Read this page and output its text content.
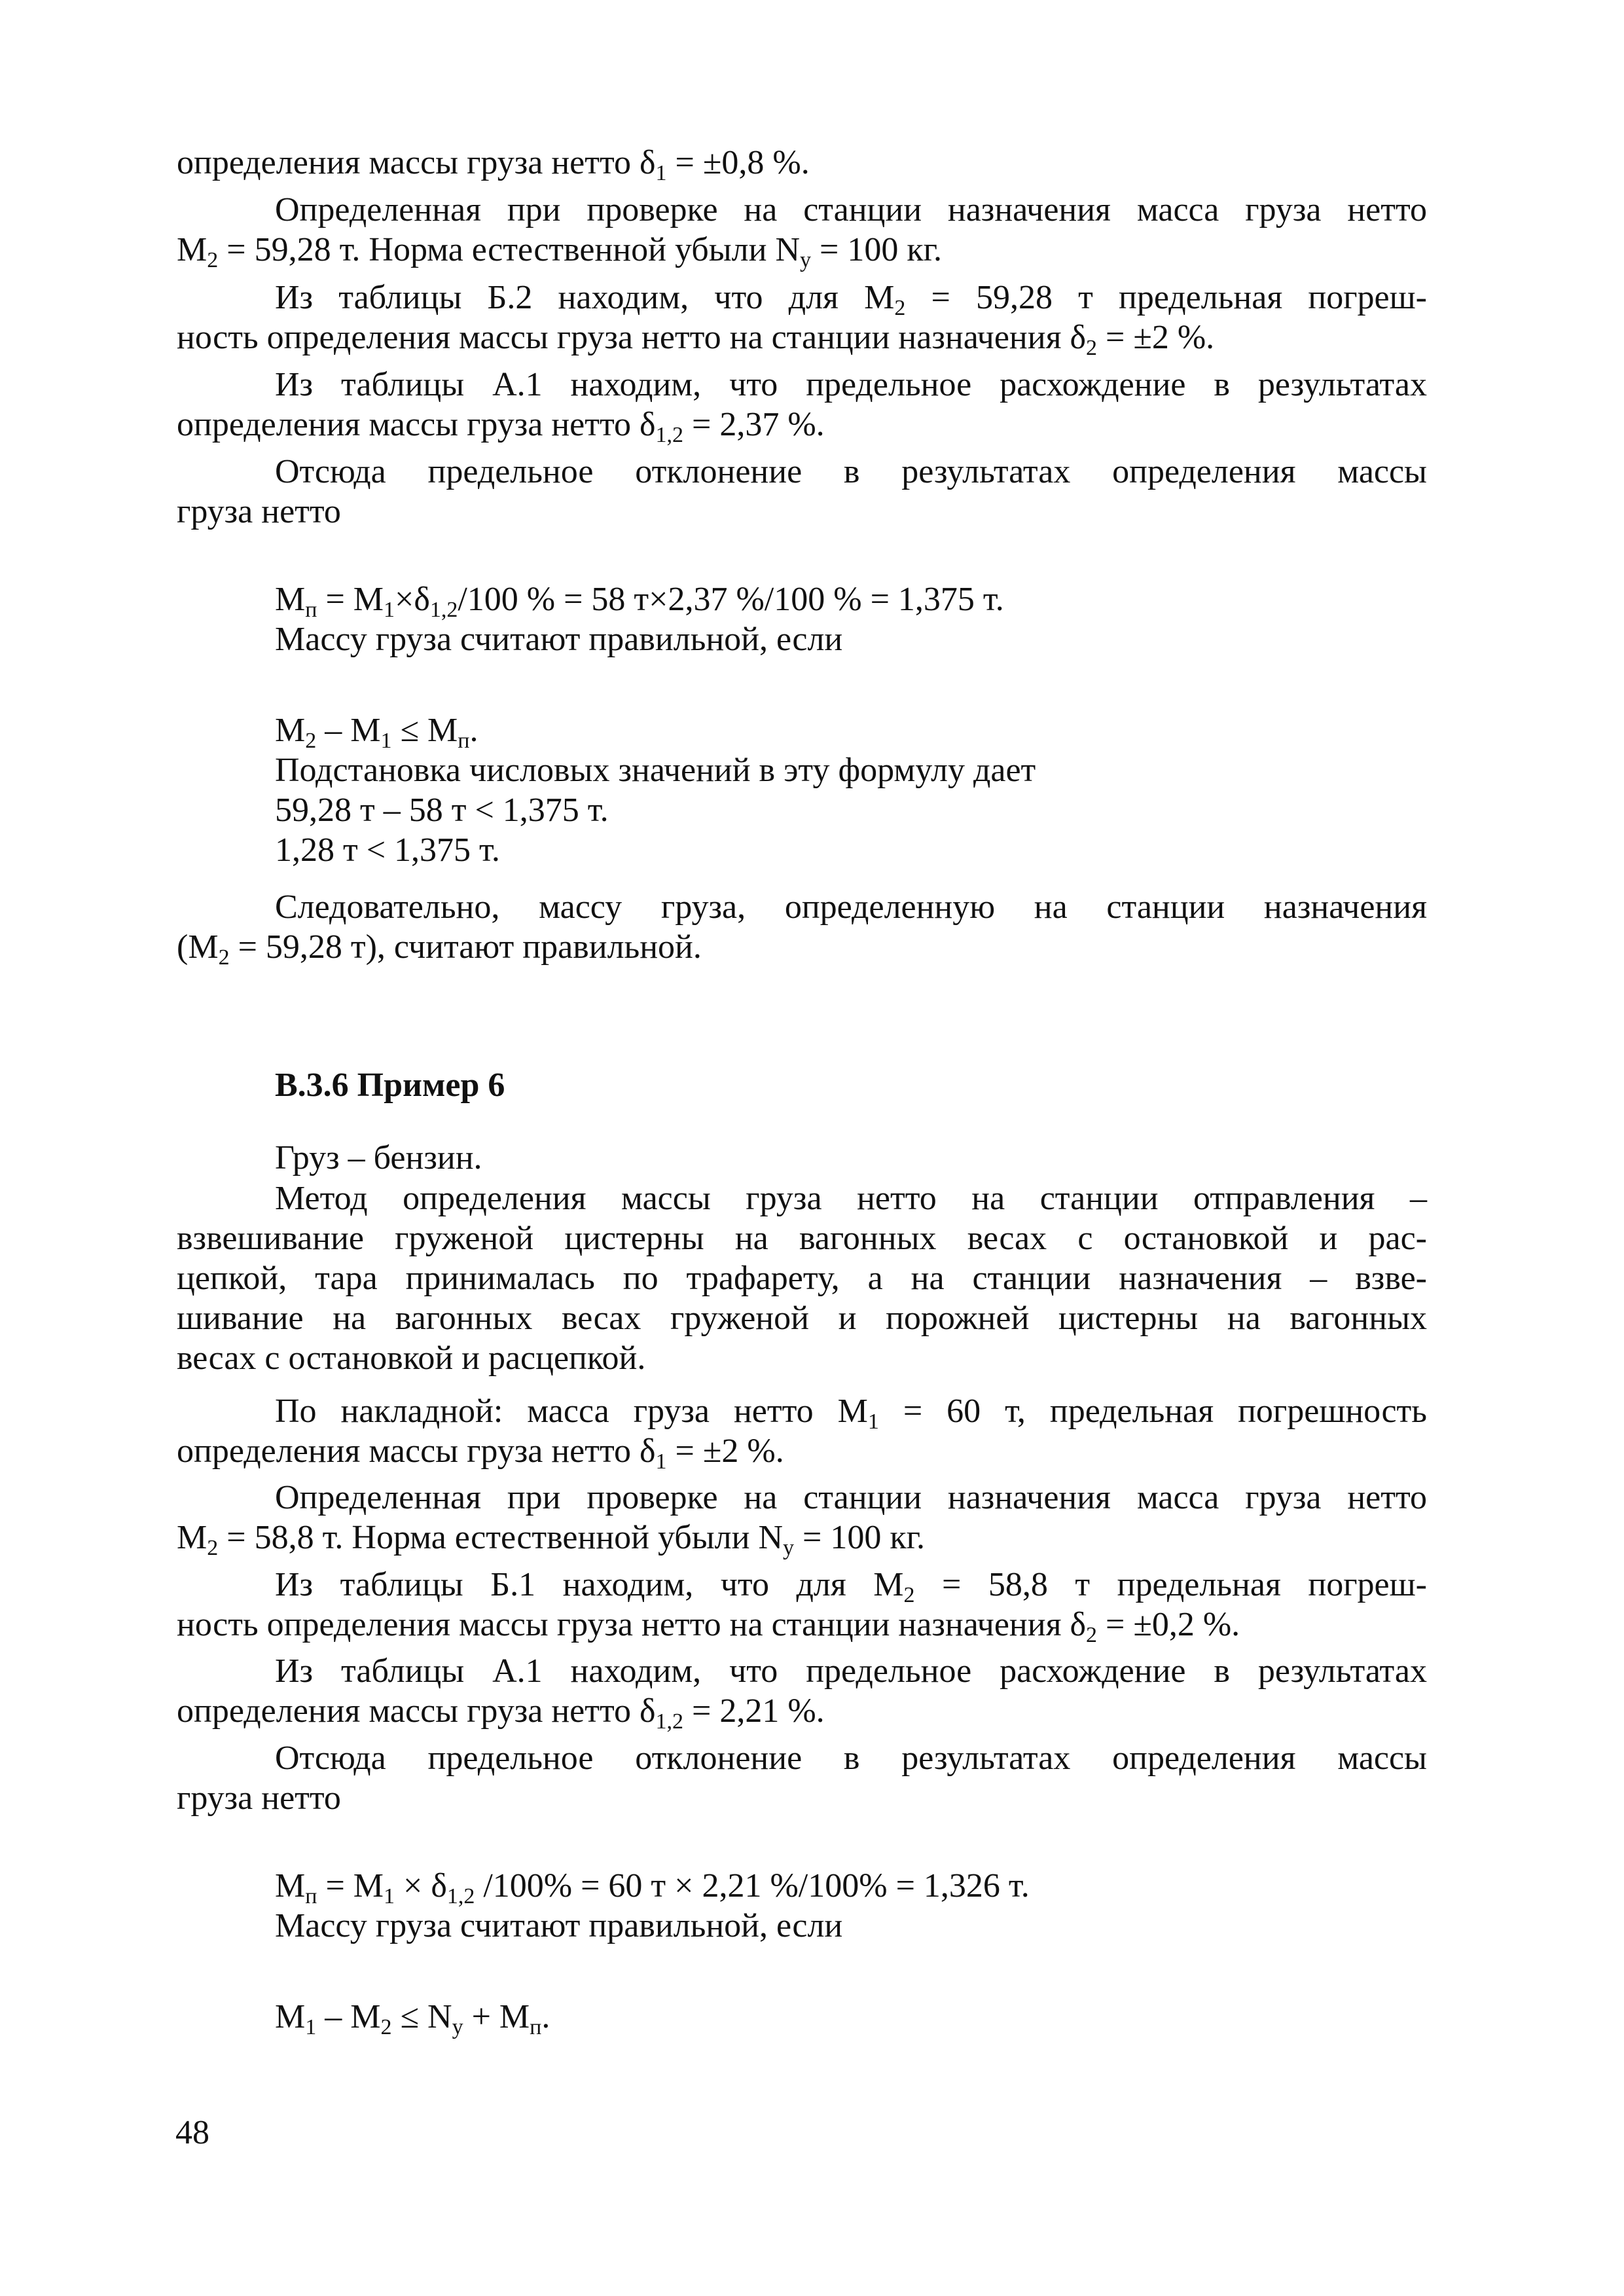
определения массы груза нетто $\delta_1 = \pm 0,8$ %.
Определенная при проверке на станции назначения масса груза нетто
$M_2 = 59,28$ т. Норма естественной убыли $N_y = 100$ кг.
Из таблицы Б.2 находим, что для $M_2 = 59,28$ т предельная погреш-
ность определения массы груза нетто на станции назначения $\delta_2 = \pm 2$ %.
Из таблицы А.1 находим, что предельное расхождение в результатах
определения массы груза нетто $\delta_{1,2} = 2,37$ %.
Отсюда предельное отклонение в результатах определения массы
груза нетто
$M_п = M_1\times\delta_{1,2}/100$ % = 58 т×2,37 %/100 % = 1,375 т.
Массу груза считают правильной, если
$M_2 - M_1 \le M_п$.
Подстановка числовых значений в эту формулу дает
59,28 т – 58 т < 1,375 т.
1,28 т < 1,375 т.
Следовательно, массу груза, определенную на станции назначения
($M_2 = 59,28$ т), считают правильной.
В.3.6 Пример 6
Груз – бензин.
Метод определения массы груза нетто на станции отправления –
взвешивание груженой цистерны на вагонных весах с остановкой и рас-
цепкой, тара принималась по трафарету, а на станции назначения – взве-
шивание на вагонных весах груженой и порожней цистерны на вагонных
весах с остановкой и расцепкой.
По накладной: масса груза нетто $M_1 = 60$ т, предельная погрешность
определения массы груза нетто $\delta_1 = \pm 2$ %.
Определенная при проверке на станции назначения масса груза нетто
$M_2 = 58,8$ т. Норма естественной убыли $N_y = 100$ кг.
Из таблицы Б.1 находим, что для $M_2 = 58,8$ т предельная погреш-
ность определения массы груза нетто на станции назначения $\delta_2 = \pm 0,2$ %.
Из таблицы А.1 находим, что предельное расхождение в результатах
определения массы груза нетто $\delta_{1,2} = 2,21$ %.
Отсюда предельное отклонение в результатах определения массы
груза нетто
$M_п = M_1 \times \delta_{1,2}$ /100% = 60 т × 2,21 %/100% = 1,326 т.
Массу груза считают правильной, если
$M_1 - M_2 \le N_y + M_п$.
48
